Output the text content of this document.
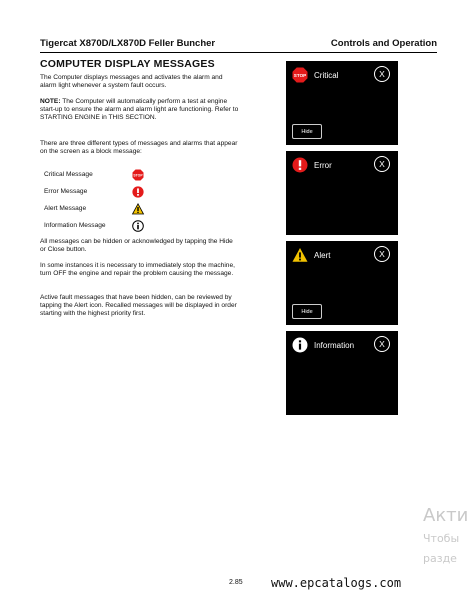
Tigercat X870D/LX870D Feller Buncher	Controls and Operation
COMPUTER DISPLAY MESSAGES
The Computer displays messages and activates the alarm and alarm light whenever a system fault occurs.
NOTE: The Computer will automatically perform a test at engine start-up to ensure the alarm and alarm light are functioning. Refer to STARTING ENGINE in THIS SECTION.
There are three different types of messages and alarms that appear on the screen as a block message:
Critical Message	STOP
Error Message
Alert Message
Information Message
All messages can be hidden or acknowledged by tapping the Hide or Close button.
In some instances it is necessary to immediately stop the machine, turn OFF the engine and repair the problem causing the message.
Active fault messages that have been hidden, can be reviewed by tapping the Alert icon. Recalled messages will be displayed in order starting with the highest priority first.
STOP Critical	X
Hide
Error	X
Alert	X
Hide
Information	X
Акти
Чтобы
разде
2.85 www.epcatalogs.com
